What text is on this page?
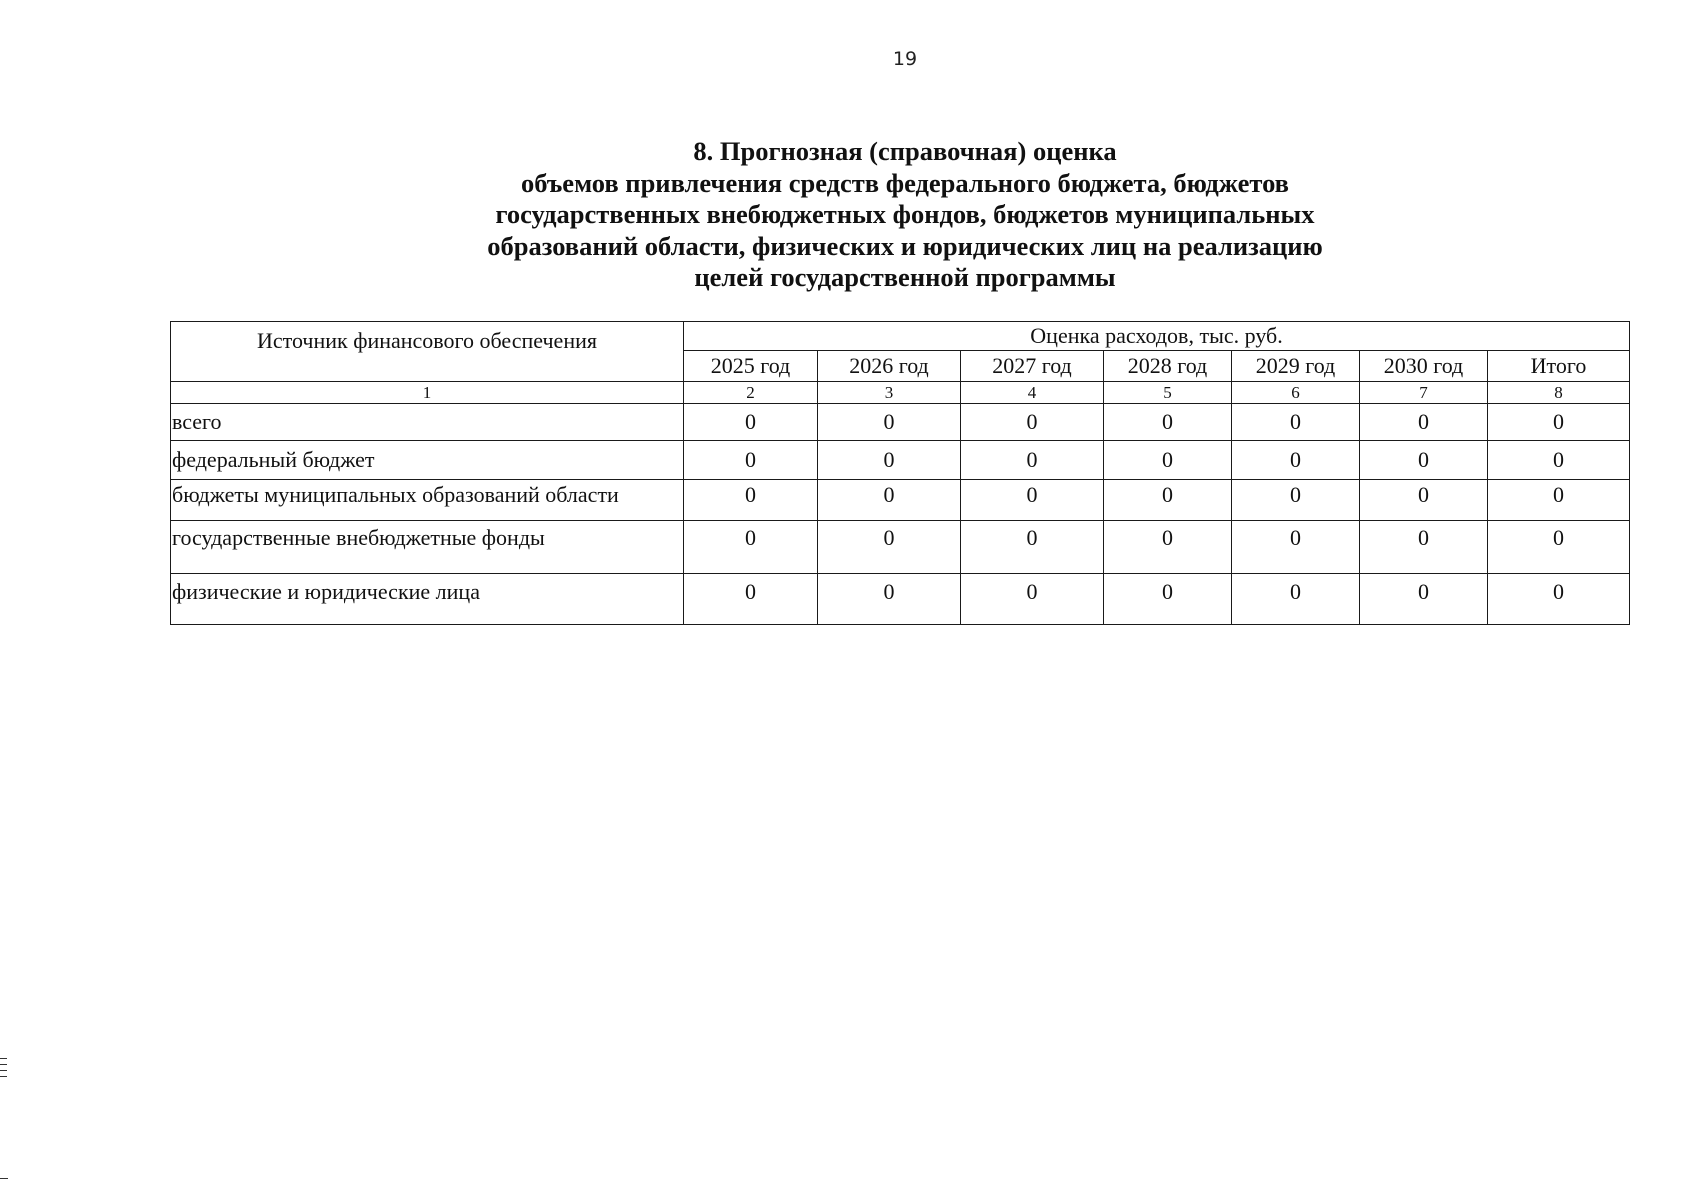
19
8. Прогнозная (справочная) оценка
объемов привлечения средств федерального бюджета, бюджетов
государственных внебюджетных фондов, бюджетов муниципальных
образований области, физических и юридических лиц на реализацию
целей государственной программы
Источник финансового обеспечения	Оценка расходов, тыс. руб.						
	2025 год	2026 год	2027 год	2028 год	2029 год	2030 год	Итого
1	2	3	4	5	6	7	8
всего	0	0	0	0	0	0	0
федеральный бюджет	0	0	0	0	0	0	0
бюджеты муниципальных образований области	0	0	0	0	0	0	0
государственные внебюджетные фонды	0	0	0	0	0	0	0
физические и юридические лица	0	0	0	0	0	0	0
